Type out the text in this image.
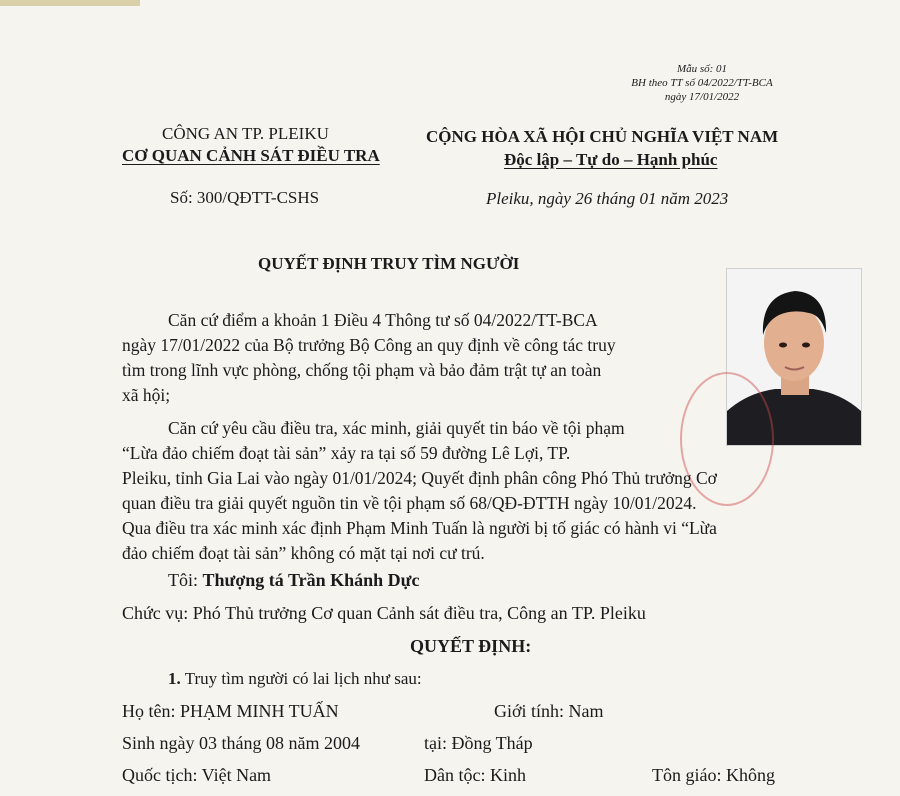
Mẫu số: 01
BH theo TT số 04/2022/TT-BCA
ngày 17/01/2022
CÔNG AN TP. PLEIKU
CƠ QUAN CẢNH SÁT ĐIỀU TRA
Số: 300/QĐTT-CSHS
CỘNG HÒA XÃ HỘI CHỦ NGHĨA VIỆT NAM
Độc lập – Tự do – Hạnh phúc
Pleiku, ngày 26 tháng 01 năm 2023
QUYẾT ĐỊNH TRUY TÌM NGƯỜI
Căn cứ điểm a khoản 1 Điều 4 Thông tư số 04/2022/TT-BCA
ngày 17/01/2022 của Bộ trưởng Bộ Công an quy định về công tác truy
tìm trong lĩnh vực phòng, chống tội phạm và bảo đảm trật tự an toàn
xã hội;
Căn cứ yêu cầu điều tra, xác minh, giải quyết tin báo về tội phạm
“Lừa đảo chiếm đoạt tài sản” xảy ra tại số 59 đường Lê Lợi, TP.
Pleiku, tỉnh Gia Lai vào ngày 01/01/2024; Quyết định phân công Phó Thủ trưởng Cơ
quan điều tra giải quyết nguồn tin về tội phạm số 68/QĐ-ĐTTH ngày 10/01/2024.
Qua điều tra xác minh xác định Phạm Minh Tuấn là người bị tố giác có hành vi “Lừa
đảo chiếm đoạt tài sản” không có mặt tại nơi cư trú.
Tôi: Thượng tá Trần Khánh Dực
Chức vụ: Phó Thủ trưởng Cơ quan Cảnh sát điều tra, Công an TP. Pleiku
QUYẾT ĐỊNH:
1. Truy tìm người có lai lịch như sau:
Họ tên: PHẠM MINH TUẤN	Giới tính: Nam
Sinh ngày 03 tháng 08 năm 2004	tại: Đồng Tháp
Quốc tịch: Việt Nam	Dân tộc: Kinh	Tôn giáo: Không
